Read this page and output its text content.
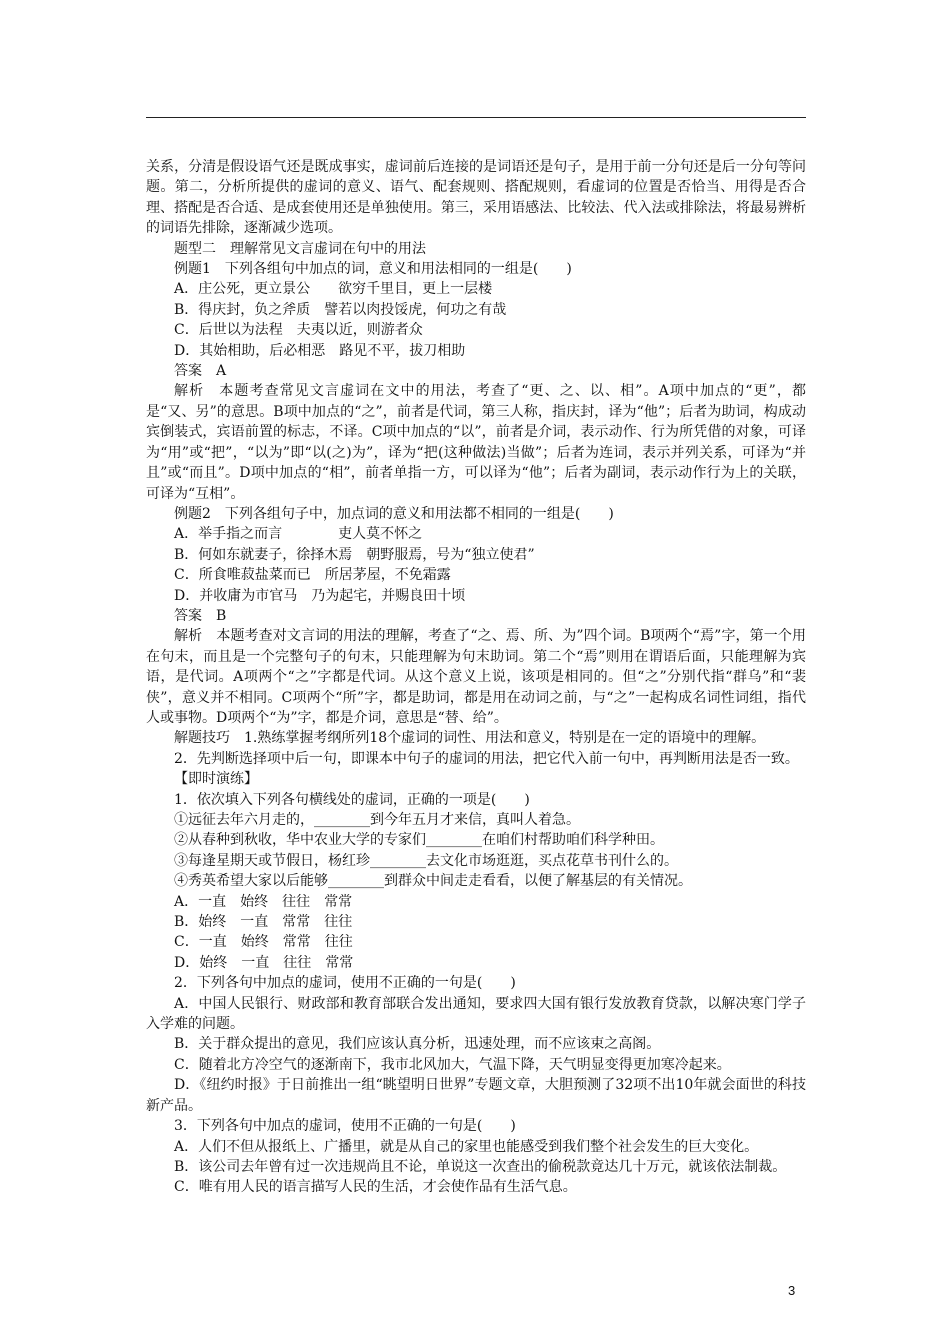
关系，分清是假设语气还是既成事实，虚词前后连接的是词语还是句子，是用于前一分句还是后一分句等问题。第二，分析所提供的虚词的意义、语气、配套规则、搭配规则，看虚词的位置是否恰当、用得是否合理、搭配是否合适、是成套使用还是单独使用。第三，采用语感法、比较法、代入法或排除法，将最易辨析的词语先排除，逐渐减少选项。

题型二　理解常见文言虚词在句中的用法

例题1　下列各组句中加点的词，意义和用法相同的一组是(　　)

A．庄公死，更立景公　　欲穷千里目，更上一层楼

B．得庆封，负之斧质　譬若以肉投馁虎，何功之有哉

C．后世以为法程　夫夷以近，则游者众

D．其始相助，后必相恶　路见不平，拔刀相助

答案　A

解析　本题考查常见文言虚词在文中的用法，考查了“更、之、以、相”。A项中加点的“更”，都是“又、另”的意思。B项中加点的“之”，前者是代词，第三人称，指庆封，译为“他”；后者为助词，构成动宾倒装式，宾语前置的标志，不译。C项中加点的“以”，前者是介词，表示动作、行为所凭借的对象，可译为“用”或“把”，“以为”即“以(之)为”，译为“把(这种做法)当做”；后者为连词，表示并列关系，可译为“并且”或“而且”。D项中加点的“相”，前者单指一方，可以译为“他”；后者为副词，表示动作行为上的关联，可译为“互相”。

例题2　下列各组句子中，加点词的意义和用法都不相同的一组是(　　)

A．举手指之而言　　　　吏人莫不怀之

B．何如东就妻子，徐择木焉　朝野服焉，号为“独立使君”

C．所食唯菽盐菜而已　所居茅屋，不免霜露

D．并收庸为市官马　乃为起宅，并赐良田十顷

答案　B

解析　本题考查对文言词的用法的理解，考查了“之、焉、所、为”四个词。B项两个“焉”字，第一个用在句末，而且是一个完整句子的句末，只能理解为句末助词。第二个“焉”则用在谓语后面，只能理解为宾语，是代词。A项两个“之”字都是代词。从这个意义上说，该项是相同的。但“之”分别代指“群乌”和“裴侠”，意义并不相同。C项两个“所”字，都是助词，都是用在动词之前，与“之”一起构成名词性词组，指代人或事物。D项两个“为”字，都是介词，意思是“替、给”。

解题技巧　1.熟练掌握考纲所列18个虚词的词性、用法和意义，特别是在一定的语境中的理解。

2．先判断选择项中后一句，即课本中句子的虚词的用法，把它代入前一句中，再判断用法是否一致。

【即时演练】

1．依次填入下列各句横线处的虚词，正确的一项是(　　)

①远征去年六月走的，________到今年五月才来信，真叫人着急。

②从春种到秋收，华中农业大学的专家们________在咱们村帮助咱们科学种田。

③每逢星期天或节假日，杨红珍________去文化市场逛逛，买点花草书刊什么的。

④秀英希望大家以后能够________到群众中间走走看看，以便了解基层的有关情况。

A．一直　始终　往往　常常

B．始终　一直　常常　往往

C．一直　始终　常常　往往

D．始终　一直　往往　常常

2．下列各句中加点的虚词，使用不正确的一句是(　　)

A．中国人民银行、财政部和教育部联合发出通知，要求四大国有银行发放教育贷款，以解决寒门学子入学难的问题。

B．关于群众提出的意见，我们应该认真分析，迅速处理，而不应该束之高阁。

C．随着北方冷空气的逐渐南下，我市北风加大，气温下降，天气明显变得更加寒冷起来。

D．《纽约时报》于日前推出一组“眺望明日世界”专题文章，大胆预测了32项不出10年就会面世的科技新产品。

3．下列各句中加点的虚词，使用不正确的一句是(　　)

A．人们不但从报纸上、广播里，就是从自己的家里也能感受到我们整个社会发生的巨大变化。

B．该公司去年曾有过一次违规尚且不论，单说这一次查出的偷税款竟达几十万元，就该依法制裁。

C．唯有用人民的语言描写人民的生活，才会使作品有生活气息。

3
